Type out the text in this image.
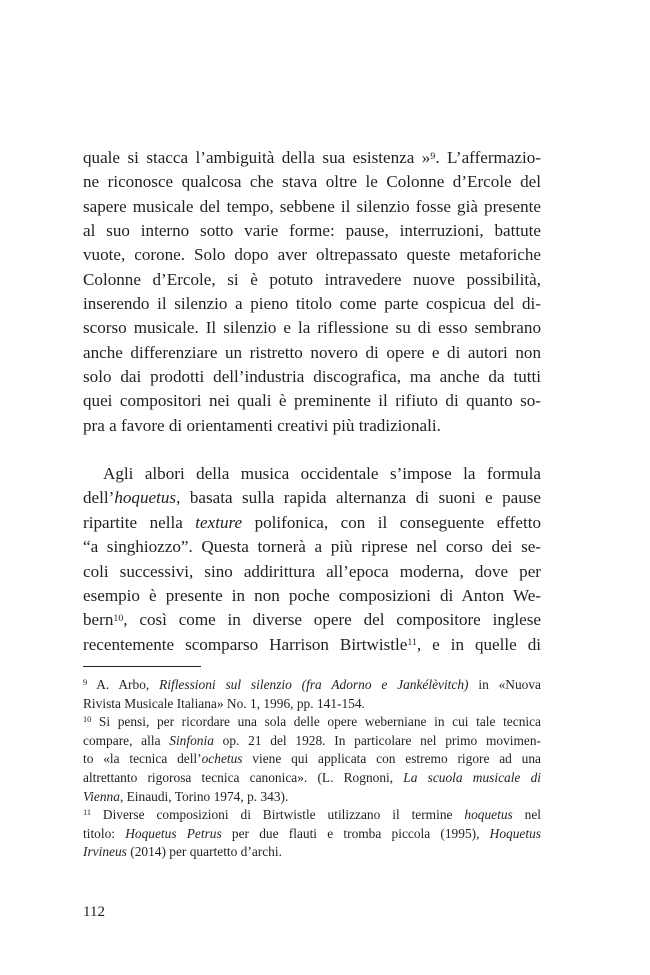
quale si stacca l’ambiguità della sua esistenza »$^9$. L’affermazio-
ne riconosce qualcosa che stava oltre le Colonne d’Ercole del
sapere musicale del tempo, sebbene il silenzio fosse già presente
al suo interno sotto varie forme: pause, interruzioni, battute
vuote, corone. Solo dopo aver oltrepassato queste metaforiche
Colonne d’Ercole, si è potuto intravedere nuove possibilità,
inserendo il silenzio a pieno titolo come parte cospicua del di-
scorso musicale. Il silenzio e la riflessione su di esso sembrano
anche differenziare un ristretto novero di opere e di autori non
solo dai prodotti dell’industria discografica, ma anche da tutti
quei compositori nei quali è preminente il rifiuto di quanto so-
pra a favore di orientamenti creativi più tradizionali.
Agli albori della musica occidentale s’impose la formula
dell’hoquetus, basata sulla rapida alternanza di suoni e pause
ripartite nella texture polifonica, con il conseguente effetto
“a singhiozzo”. Questa tornerà a più riprese nel corso dei se-
coli successivi, sino addirittura all’epoca moderna, dove per
esempio è presente in non poche composizioni di Anton We-
bern$^{10}$, così come in diverse opere del compositore inglese
recentemente scomparso Harrison Birtwistle$^{11}$, e in quelle di
$^9$ A. Arbo, Riflessioni sul silenzio (fra Adorno e Jankélèvitch) in «Nuova
Rivista Musicale Italiana» No. 1, 1996, pp. 141-154.
$^{10}$ Si pensi, per ricordare una sola delle opere weberniane in cui tale tecnica
compare, alla Sinfonia op. 21 del 1928. In particolare nel primo movimen-
to «la tecnica dell’ochetus viene qui applicata con estremo rigore ad una
altrettanto rigorosa tecnica canonica». (L. Rognoni, La scuola musicale di
Vienna, Einaudi, Torino 1974, p. 343).
$^{11}$ Diverse composizioni di Birtwistle utilizzano il termine hoquetus nel
titolo: Hoquetus Petrus per due flauti e tromba piccola (1995), Hoquetus
Irvineus (2014) per quartetto d’archi.
112
